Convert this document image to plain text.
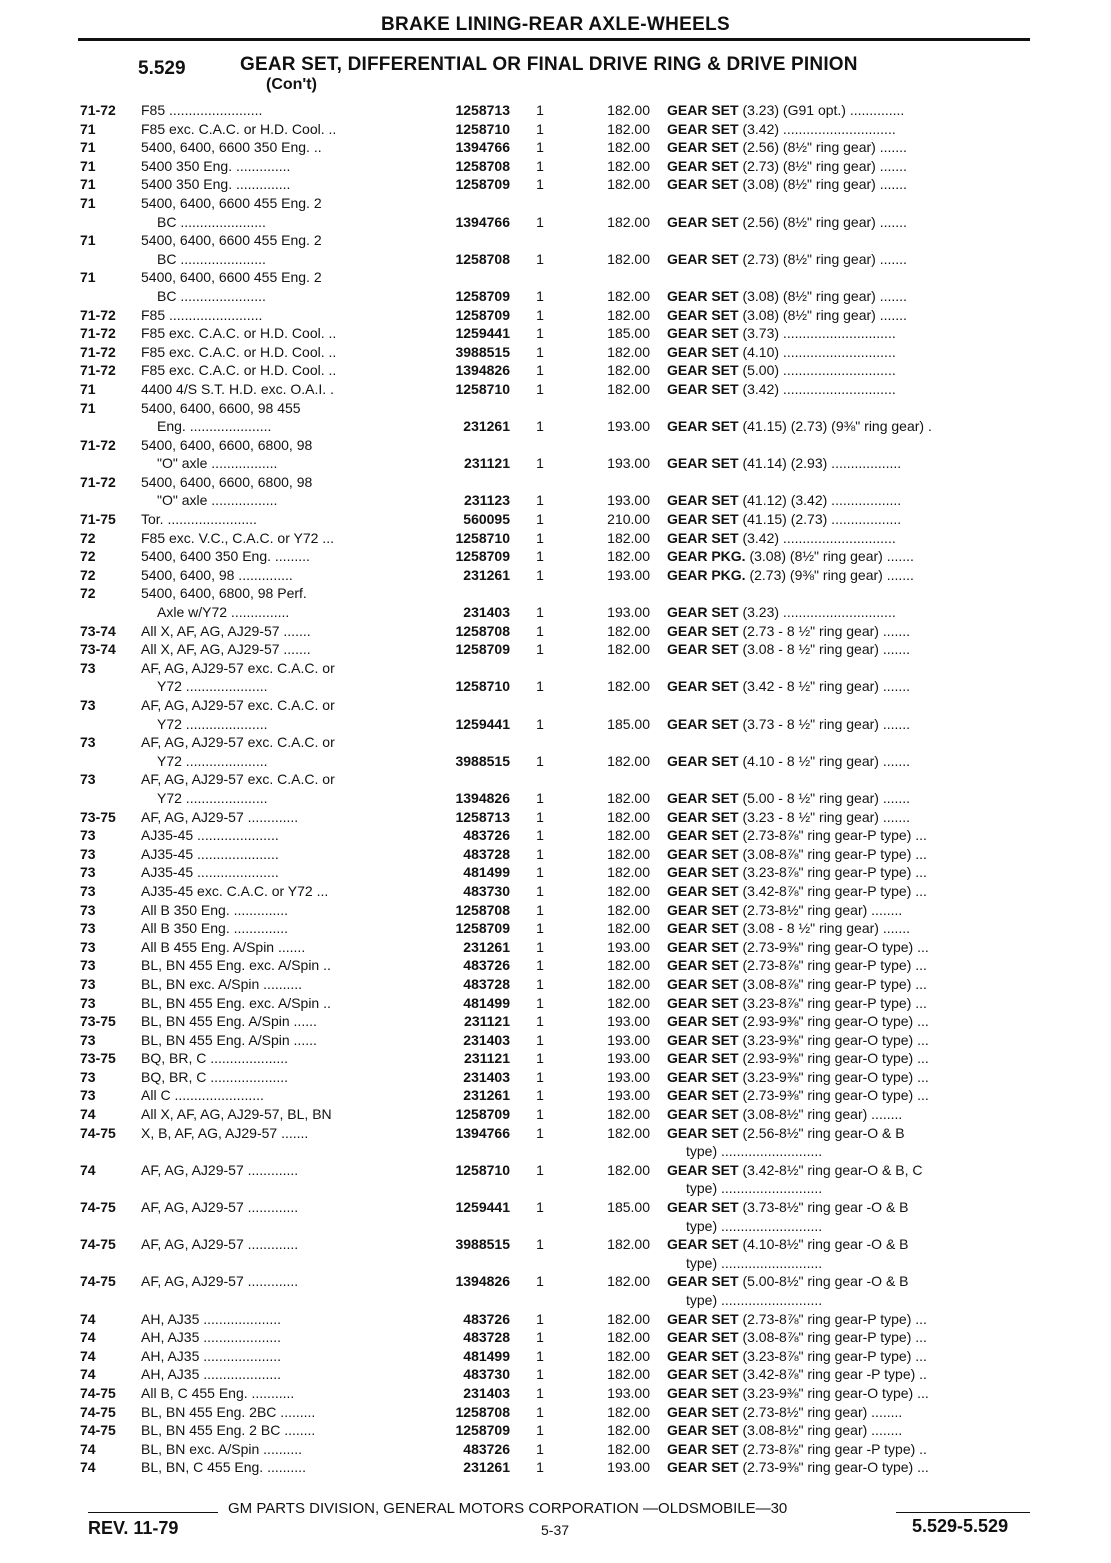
BRAKE LINING-REAR AXLE-WHEELS
5.529	GEAR SET, DIFFERENTIAL OR FINAL DRIVE RING & DRIVE PINION
(Con't)
71-72	F85 ........................	1258713	1	182.00 GEAR SET (3.23) (G91 opt.) ..............
71	F85 exc. C.A.C. or H.D. Cool. ..	1258710	1	182.00 GEAR SET (3.42) .............................
71	5400, 6400, 6600 350 Eng. ..	1394766	1	182.00 GEAR SET (2.56) (8½" ring gear) .......
71	5400 350 Eng. ..............	1258708	1	182.00 GEAR SET (2.73) (8½" ring gear) .......
71	5400 350 Eng. ..............	1258709	1	182.00 GEAR SET (3.08) (8½" ring gear) .......
71	5400, 6400, 6600 455 Eng. 2
BC ......................	1394766	1	182.00 GEAR SET (2.56) (8½" ring gear) .......
71	5400, 6400, 6600 455 Eng. 2
BC ......................	1258708	1	182.00 GEAR SET (2.73) (8½" ring gear) .......
71	5400, 6400, 6600 455 Eng. 2
BC ......................	1258709	1	182.00 GEAR SET (3.08) (8½" ring gear) .......
71-72	F85 ........................	1258709	1	182.00 GEAR SET (3.08) (8½" ring gear) .......
71-72	F85 exc. C.A.C. or H.D. Cool. ..	1259441	1	185.00 GEAR SET (3.73) .............................
71-72	F85 exc. C.A.C. or H.D. Cool. ..	3988515	1	182.00 GEAR SET (4.10) .............................
71-72	F85 exc. C.A.C. or H.D. Cool. ..	1394826	1	182.00 GEAR SET (5.00) .............................
71	4400 4/S S.T. H.D. exc. O.A.I. .	1258710	1	182.00 GEAR SET (3.42) .............................
71	5400, 6400, 6600, 98 455
Eng. .....................	231261	1	193.00 GEAR SET (41.15) (2.73) (9⅜" ring gear) .
71-72	5400, 6400, 6600, 6800, 98
"O" axle .................	231121	1	193.00 GEAR SET (41.14) (2.93) ..................
71-72	5400, 6400, 6600, 6800, 98
"O" axle .................	231123	1	193.00 GEAR SET (41.12) (3.42) ..................
71-75	Tor. .......................	560095	1	210.00 GEAR SET (41.15) (2.73) ..................
72	F85 exc. V.C., C.A.C. or Y72 ...	1258710	1	182.00 GEAR SET (3.42) .............................
72	5400, 6400 350 Eng. .........	1258709	1	182.00 GEAR PKG. (3.08) (8½" ring gear) .......
72	5400, 6400, 98 ..............	231261	1	193.00 GEAR PKG. (2.73) (9⅜" ring gear) .......
72	5400, 6400, 6800, 98 Perf.
Axle w/Y72 ...............	231403	1	193.00 GEAR SET (3.23) .............................
73-74	All X, AF, AG, AJ29-57 .......	1258708	1	182.00 GEAR SET (2.73 - 8 ½" ring gear) .......
73-74	All X, AF, AG, AJ29-57 .......	1258709	1	182.00 GEAR SET (3.08 - 8 ½" ring gear) .......
73	AF, AG, AJ29-57 exc. C.A.C. or
Y72 .....................	1258710	1	182.00 GEAR SET (3.42 - 8 ½" ring gear) .......
73	AF, AG, AJ29-57 exc. C.A.C. or
Y72 .....................	1259441	1	185.00 GEAR SET (3.73 - 8 ½" ring gear) .......
73	AF, AG, AJ29-57 exc. C.A.C. or
Y72 .....................	3988515	1	182.00 GEAR SET (4.10 - 8 ½" ring gear) .......
73	AF, AG, AJ29-57 exc. C.A.C. or
Y72 .....................	1394826	1	182.00 GEAR SET (5.00 - 8 ½" ring gear) .......
73-75	AF, AG, AJ29-57 .............	1258713	1	182.00 GEAR SET (3.23 - 8 ½" ring gear) .......
73	AJ35-45 .....................	483726	1	182.00 GEAR SET (2.73-8⅞" ring gear-P type) ...
73	AJ35-45 .....................	483728	1	182.00 GEAR SET (3.08-8⅞" ring gear-P type) ...
73	AJ35-45 .....................	481499	1	182.00 GEAR SET (3.23-8⅞" ring gear-P type) ...
73	AJ35-45 exc. C.A.C. or Y72 ...	483730	1	182.00 GEAR SET (3.42-8⅞" ring gear-P type) ...
73	All B 350 Eng. ..............	1258708	1	182.00 GEAR SET (2.73-8½" ring gear) ........
73	All B 350 Eng. ..............	1258709	1	182.00 GEAR SET (3.08 - 8 ½" ring gear) .......
73	All B 455 Eng. A/Spin .......	231261	1	193.00 GEAR SET (2.73-9⅜" ring gear-O type) ...
73	BL, BN 455 Eng. exc. A/Spin ..	483726	1	182.00 GEAR SET (2.73-8⅞" ring gear-P type) ...
73	BL, BN exc. A/Spin ..........	483728	1	182.00 GEAR SET (3.08-8⅞" ring gear-P type) ...
73	BL, BN 455 Eng. exc. A/Spin ..	481499	1	182.00 GEAR SET (3.23-8⅞" ring gear-P type) ...
73-75	BL, BN 455 Eng. A/Spin ......	231121	1	193.00 GEAR SET (2.93-9⅜" ring gear-O type) ...
73	BL, BN 455 Eng. A/Spin ......	231403	1	193.00 GEAR SET (3.23-9⅜" ring gear-O type) ...
73-75	BQ, BR, C ....................	231121	1	193.00 GEAR SET (2.93-9⅜" ring gear-O type) ...
73	BQ, BR, C ....................	231403	1	193.00 GEAR SET (3.23-9⅜" ring gear-O type) ...
73	All C .......................	231261	1	193.00 GEAR SET (2.73-9⅜" ring gear-O type) ...
74	All X, AF, AG, AJ29-57, BL, BN	1258709	1	182.00 GEAR SET (3.08-8½" ring gear) ........
74-75	X, B, AF, AG, AJ29-57 .......	1394766	1	182.00 GEAR SET (2.56-8½" ring gear-O & B
type) ..........................
74	AF, AG, AJ29-57 .............	1258710	1	182.00 GEAR SET (3.42-8½" ring gear-O & B, C
type) ..........................
74-75	AF, AG, AJ29-57 .............	1259441	1	185.00 GEAR SET (3.73-8½" ring gear -O & B
type) ..........................
74-75	AF, AG, AJ29-57 .............	3988515	1	182.00 GEAR SET (4.10-8½" ring gear -O & B
type) ..........................
74-75	AF, AG, AJ29-57 .............	1394826	1	182.00 GEAR SET (5.00-8½" ring gear -O & B
type) ..........................
74	AH, AJ35 ....................	483726	1	182.00 GEAR SET (2.73-8⅞" ring gear-P type) ...
74	AH, AJ35 ....................	483728	1	182.00 GEAR SET (3.08-8⅞" ring gear-P type) ...
74	AH, AJ35 ....................	481499	1	182.00 GEAR SET (3.23-8⅞" ring gear-P type) ...
74	AH, AJ35 ....................	483730	1	182.00 GEAR SET (3.42-8⅞" ring gear -P type) ..
74-75	All B, C 455 Eng. ...........	231403	1	193.00 GEAR SET (3.23-9⅜" ring gear-O type) ...
74-75	BL, BN 455 Eng. 2BC .........	1258708	1	182.00 GEAR SET (2.73-8½" ring gear) ........
74-75	BL, BN 455 Eng. 2 BC ........	1258709	1	182.00 GEAR SET (3.08-8½" ring gear) ........
74	BL, BN exc. A/Spin ..........	483726	1	182.00 GEAR SET (2.73-8⅞" ring gear -P type) ..
74	BL, BN, C 455 Eng. ..........	231261	1	193.00 GEAR SET (2.73-9⅜" ring gear-O type) ...
GM PARTS DIVISION, GENERAL MOTORS CORPORATION —OLDSMOBILE—30
REV. 11-79	5-37	5.529-5.529
